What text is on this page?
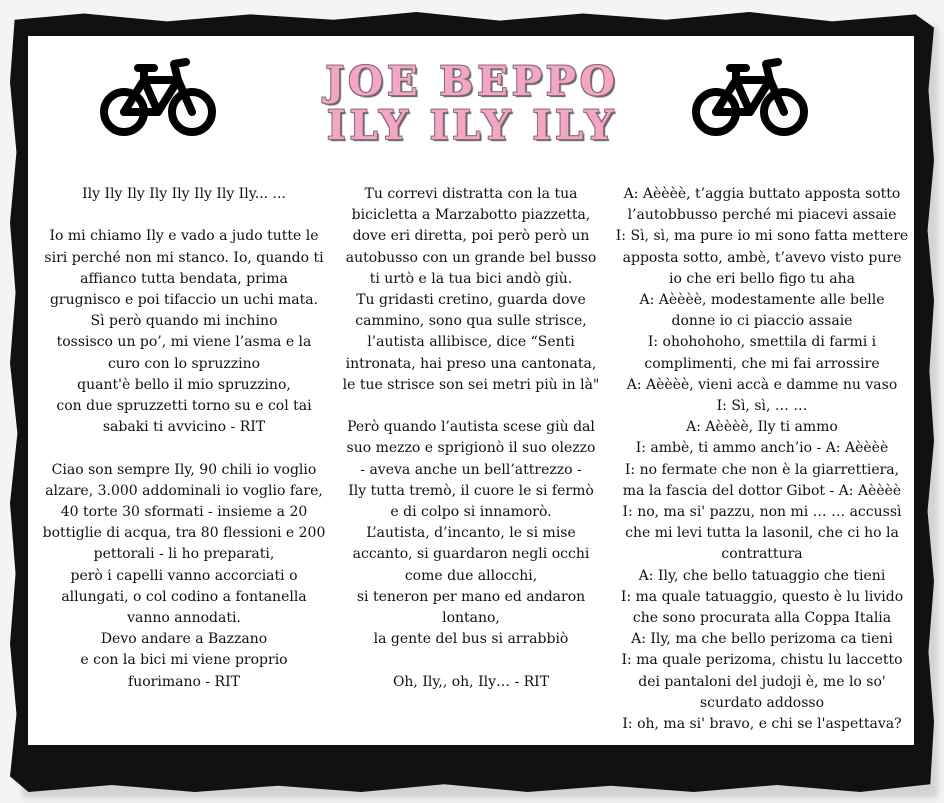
JOE BEPPO
ILY ILY ILY
Ily Ily Ily Ily Ily Ily Ily Ily... ...

Io mi chiamo Ily e vado a judo tutte le
siri perché non mi stanco. Io, quando ti
affianco tutta bendata, prima
grugnisco e poi tifaccio un uchi mata.
Sì però quando mi inchino
tossisco un po’, mi viene l’asma e la
curo con lo spruzzino
quant'è bello il mio spruzzino,
con due spruzzetti torno su e col tai
sabaki ti avvicino - RIT

Ciao son sempre Ily, 90 chili io voglio
alzare, 3.000 addominali io voglio fare,
40 torte 30 sformati - insieme a 20
bottiglie di acqua, tra 80 flessioni e 200
pettorali - li ho preparati,
però i capelli vanno accorciati o
allungati, o col codino a fontanella
vanno annodati.
Devo andare a Bazzano
e con la bici mi viene proprio
fuorimano - RIT
Tu correvi distratta con la tua
bicicletta a Marzabotto piazzetta,
dove eri diretta, poi però però un
autobusso con un grande bel busso
ti urtò e la tua bici andò giù.
Tu gridasti cretino, guarda dove
cammino, sono qua sulle strisce,
l’autista allibisce, dice “Senti
intronata, hai preso una cantonata,
le tue strisce son sei metri più in là"

Però quando l’autista scese giù dal
suo mezzo e sprigionò il suo olezzo
- aveva anche un bell’attrezzo -
Ily tutta tremò, il cuore le si fermò
e di colpo si innamorò.
L’autista, d’incanto, le si mise
accanto, si guardaron negli occhi
come due allocchi,
si teneron per mano ed andaron
lontano,
la gente del bus si arrabbiò

Oh, Ily,, oh, Ily… - RIT
A: Aèèèè, t’aggia buttato apposta sotto
l’autobbusso perché mi piacevi assaie
I: Sì, sì, ma pure io mi sono fatta mettere
apposta sotto, ambè, t’avevo visto pure
io che eri bello figo tu aha
A: Aèèèè, modestamente alle belle
donne io ci piaccio assaie
I: ohohohoho, smettila di farmi i
complimenti, che mi fai arrossire
A: Aèèèè, vieni accà e damme nu vaso
I: Sì, sì, … …
A: Aèèèè, Ily ti ammo
I: ambè, ti ammo anch’io - A: Aèèèè
I: no fermate che non è la giarrettiera,
ma la fascia del dottor Gibot - A: Aèèèè
I: no, ma si' pazzu, non mi … … accussì
che mi levi tutta la lasonil, che ci ho la
contrattura
A: Ily, che bello tatuaggio che tieni
I: ma quale tatuaggio, questo è lu livido
che sono procurata alla Coppa Italia
A: Ily, ma che bello perizoma ca tieni
I: ma quale perizoma, chistu lu laccetto
dei pantaloni del judoji è, me lo so'
scurdato addosso
I: oh, ma si' bravo, e chi se l'aspettava?
